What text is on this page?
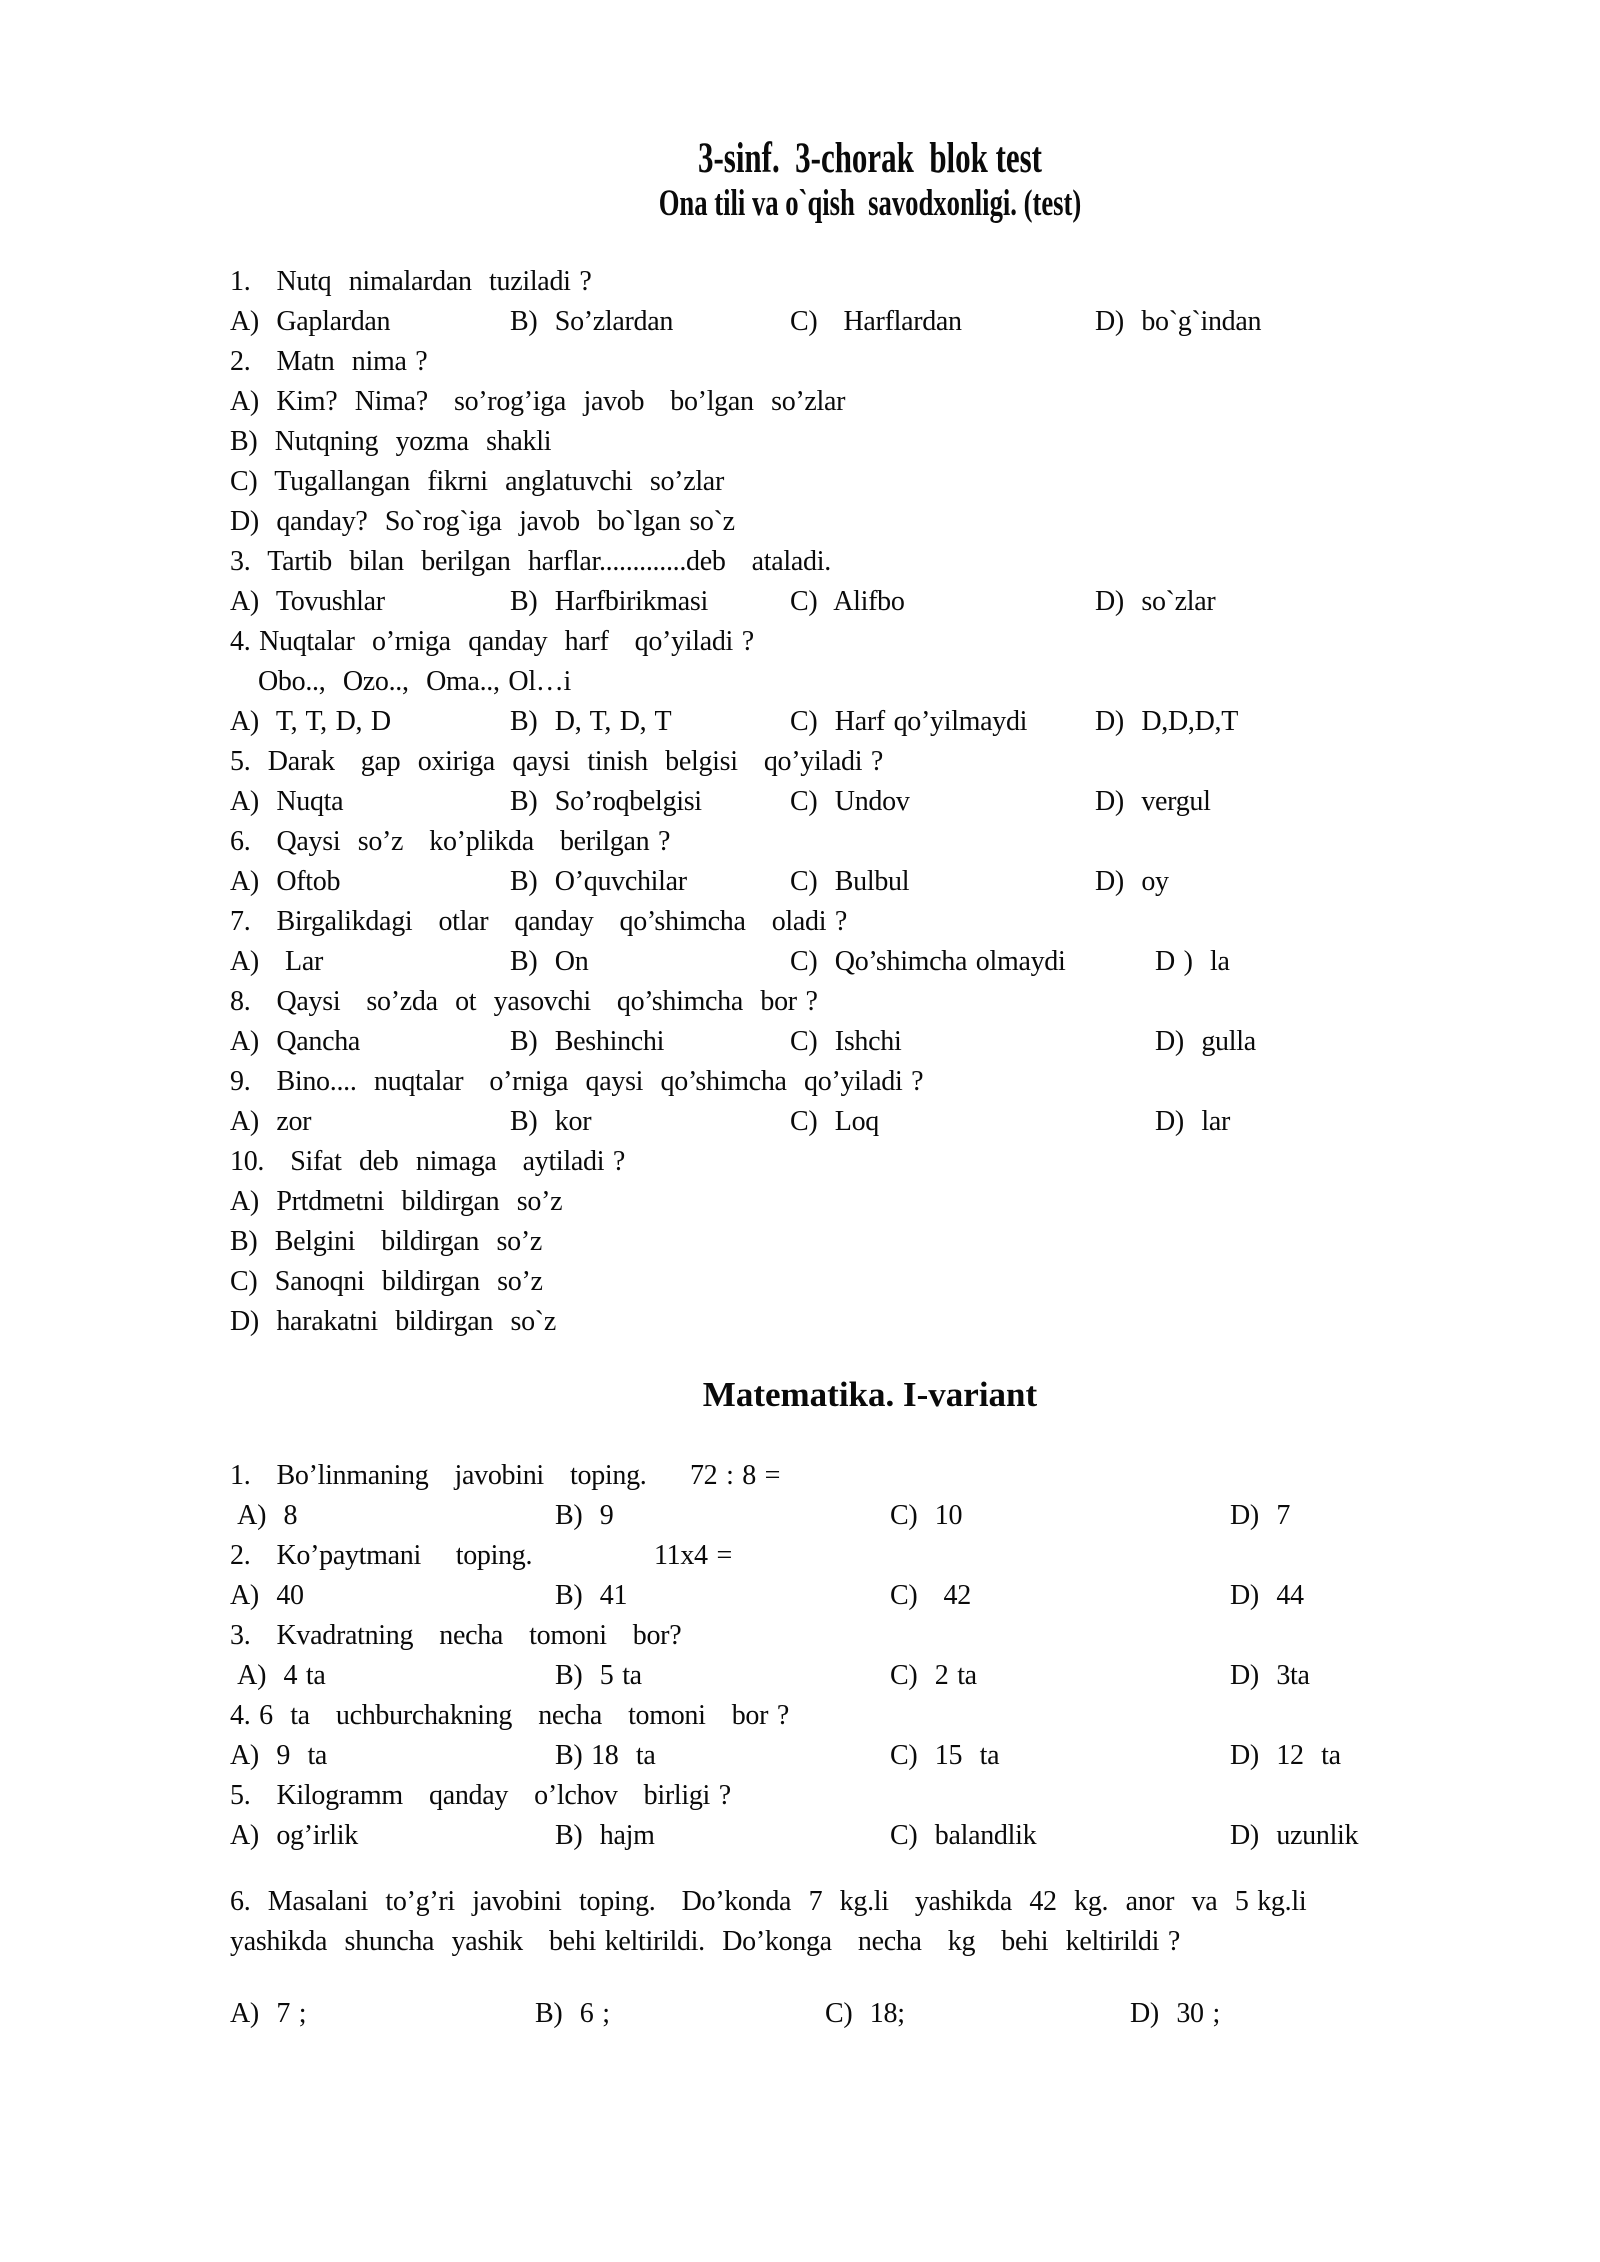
3-sinf.  3-chorak  blok test
Ona tili va o`qish  savodxonligi. (test)
1.   Nutq  nimalardan  tuziladi ?
A)  Gaplardan	B)  So’zlardan	C)   Harflardan	D)  bo`g`indan
2.   Matn  nima ?
A)  Kim?  Nima?   so’rog’iga  javob   bo’lgan  so’zlar
B)  Nutqning  yozma  shakli
C)  Tugallangan  fikrni  anglatuvchi  so’zlar
D)  qanday?  So`rog`iga  javob  bo`lgan so`z
3.  Tartib  bilan  berilgan  harflar.............deb   ataladi.
A)  Tovushlar	B)  Harfbirikmasi	C)  Alifbo	D)  so`zlar
4. Nuqtalar  o’rniga  qanday  harf   qo’yiladi ?
Obo..,  Ozo..,  Oma.., Ol…i
A)  T, T, D, D	B)  D, T, D, T	C)  Harf qo’yilmaydi	D)  D,D,D,T
5.  Darak   gap  oxiriga  qaysi  tinish  belgisi   qo’yiladi ?
A)  Nuqta	B)  So’roqbelgisi	C)  Undov	D)  vergul
6.   Qaysi  so’z   ko’plikda   berilgan ?
A)  Oftob	B)  O’quvchilar	C)  Bulbul	D)  oy
7.   Birgalikdagi   otlar   qanday   qo’shimcha   oladi ?
A)   Lar	B)  On	C)  Qo’shimcha olmaydi	D )  la
8.   Qaysi   so’zda  ot  yasovchi   qo’shimcha  bor ?
A)  Qancha	B)  Beshinchi	C)  Ishchi	D)  gulla
9.   Bino....  nuqtalar   o’rniga  qaysi  qo’shimcha  qo’yiladi ?
A)  zor	B)  kor	C)  Loq	D)  lar
10.   Sifat  deb  nimaga   aytiladi ?
A)  Prtdmetni  bildirgan  so’z
B)  Belgini   bildirgan  so’z
C)  Sanoqni  bildirgan  so’z
D)  harakatni  bildirgan  so`z
Matematika. I-variant
1.   Bo’linmaning   javobini   toping.     72 : 8 =
A)  8	B)  9	C)  10	D)  7
2.   Ko’paytmani    toping.              11x4 =
A)  40	B)  41	C)   42	D)  44
3.   Kvadratning   necha   tomoni   bor?
A)  4 ta	B)  5 ta	C)  2 ta	D)  3ta
4. 6  ta   uchburchakning   necha   tomoni   bor ?
A)  9  ta	B) 18  ta	C)  15  ta	D)  12  ta
5.   Kilogramm   qanday   o’lchov   birligi ?
A)  og’irlik	B)  hajm	C)  balandlik	D)  uzunlik
6.  Masalani  to’g’ri  javobini  toping.   Do’konda  7  kg.li   yashikda  42  kg.  anor  va  5 kg.li
yashikda  shuncha  yashik   behi keltirildi.  Do’konga   necha   kg   behi  keltirildi ?
A)  7 ;	B)  6 ;	C)  18;	D)  30 ;
